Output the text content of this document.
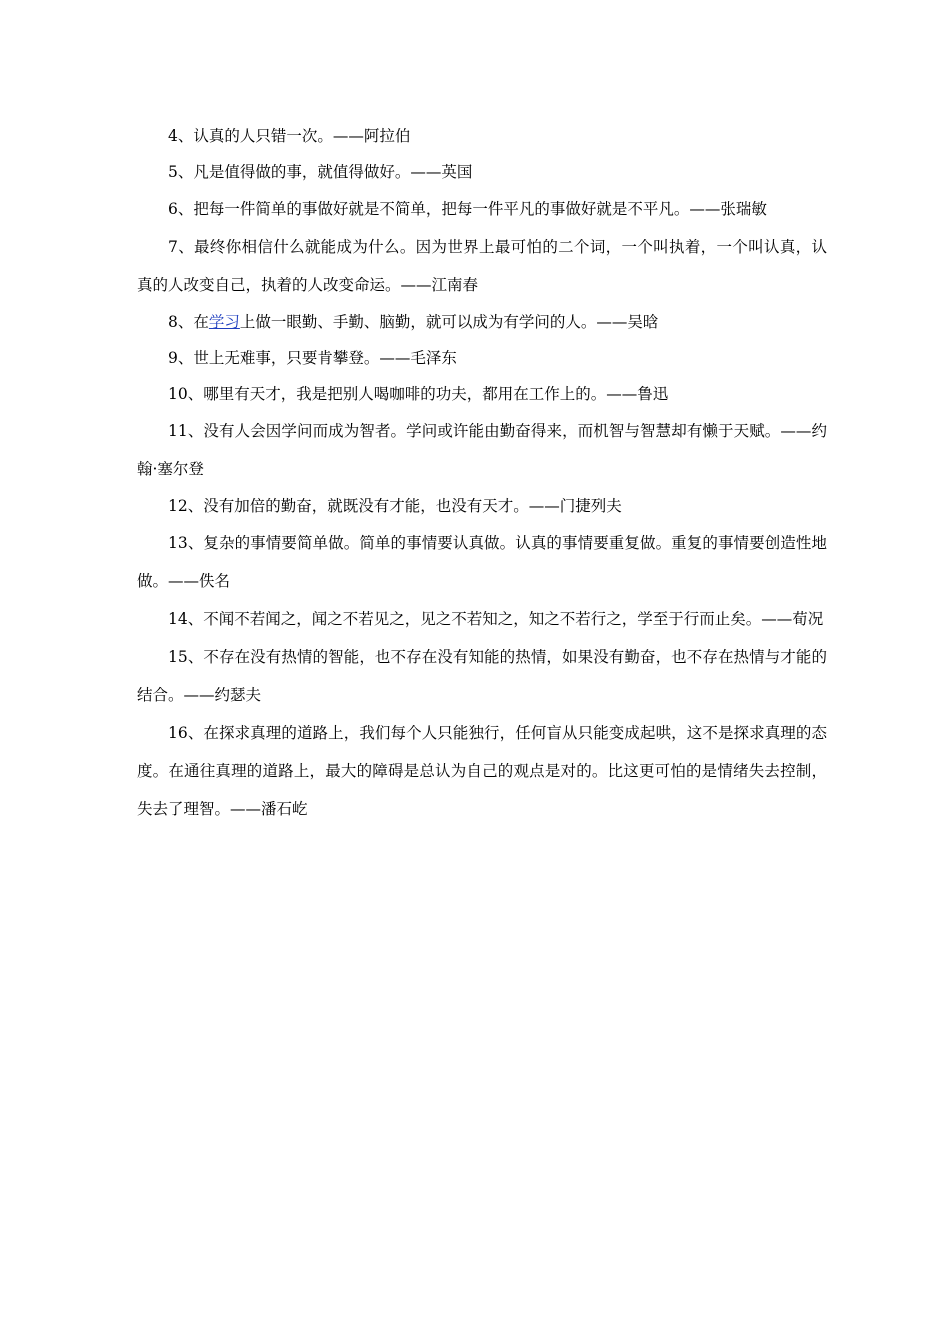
4、认真的人只错一次。——阿拉伯

5、凡是值得做的事，就值得做好。——英国

6、把每一件简单的事做好就是不简单，把每一件平凡的事做好就是不平凡。——张瑞敏

7、最终你相信什么就能成为什么。因为世界上最可怕的二个词，一个叫执着，一个叫认真，认真的人改变自己，执着的人改变命运。——江南春

8、在学习上做一眼勤、手勤、脑勤，就可以成为有学问的人。——吴晗

9、世上无难事，只要肯攀登。——毛泽东

10、哪里有天才，我是把别人喝咖啡的功夫，都用在工作上的。——鲁迅

11、没有人会因学问而成为智者。学问或许能由勤奋得来，而机智与智慧却有懒于天赋。——约翰·塞尔登

12、没有加倍的勤奋，就既没有才能，也没有天才。——门捷列夫

13、复杂的事情要简单做。简单的事情要认真做。认真的事情要重复做。重复的事情要创造性地做。——佚名

14、不闻不若闻之，闻之不若见之，见之不若知之，知之不若行之，学至于行而止矣。——荀况

15、不存在没有热情的智能，也不存在没有知能的热情，如果没有勤奋，也不存在热情与才能的结合。——约瑟夫

16、在探求真理的道路上，我们每个人只能独行，任何盲从只能变成起哄，这不是探求真理的态度。在通往真理的道路上，最大的障碍是总认为自己的观点是对的。比这更可怕的是情绪失去控制，失去了理智。——潘石屹
